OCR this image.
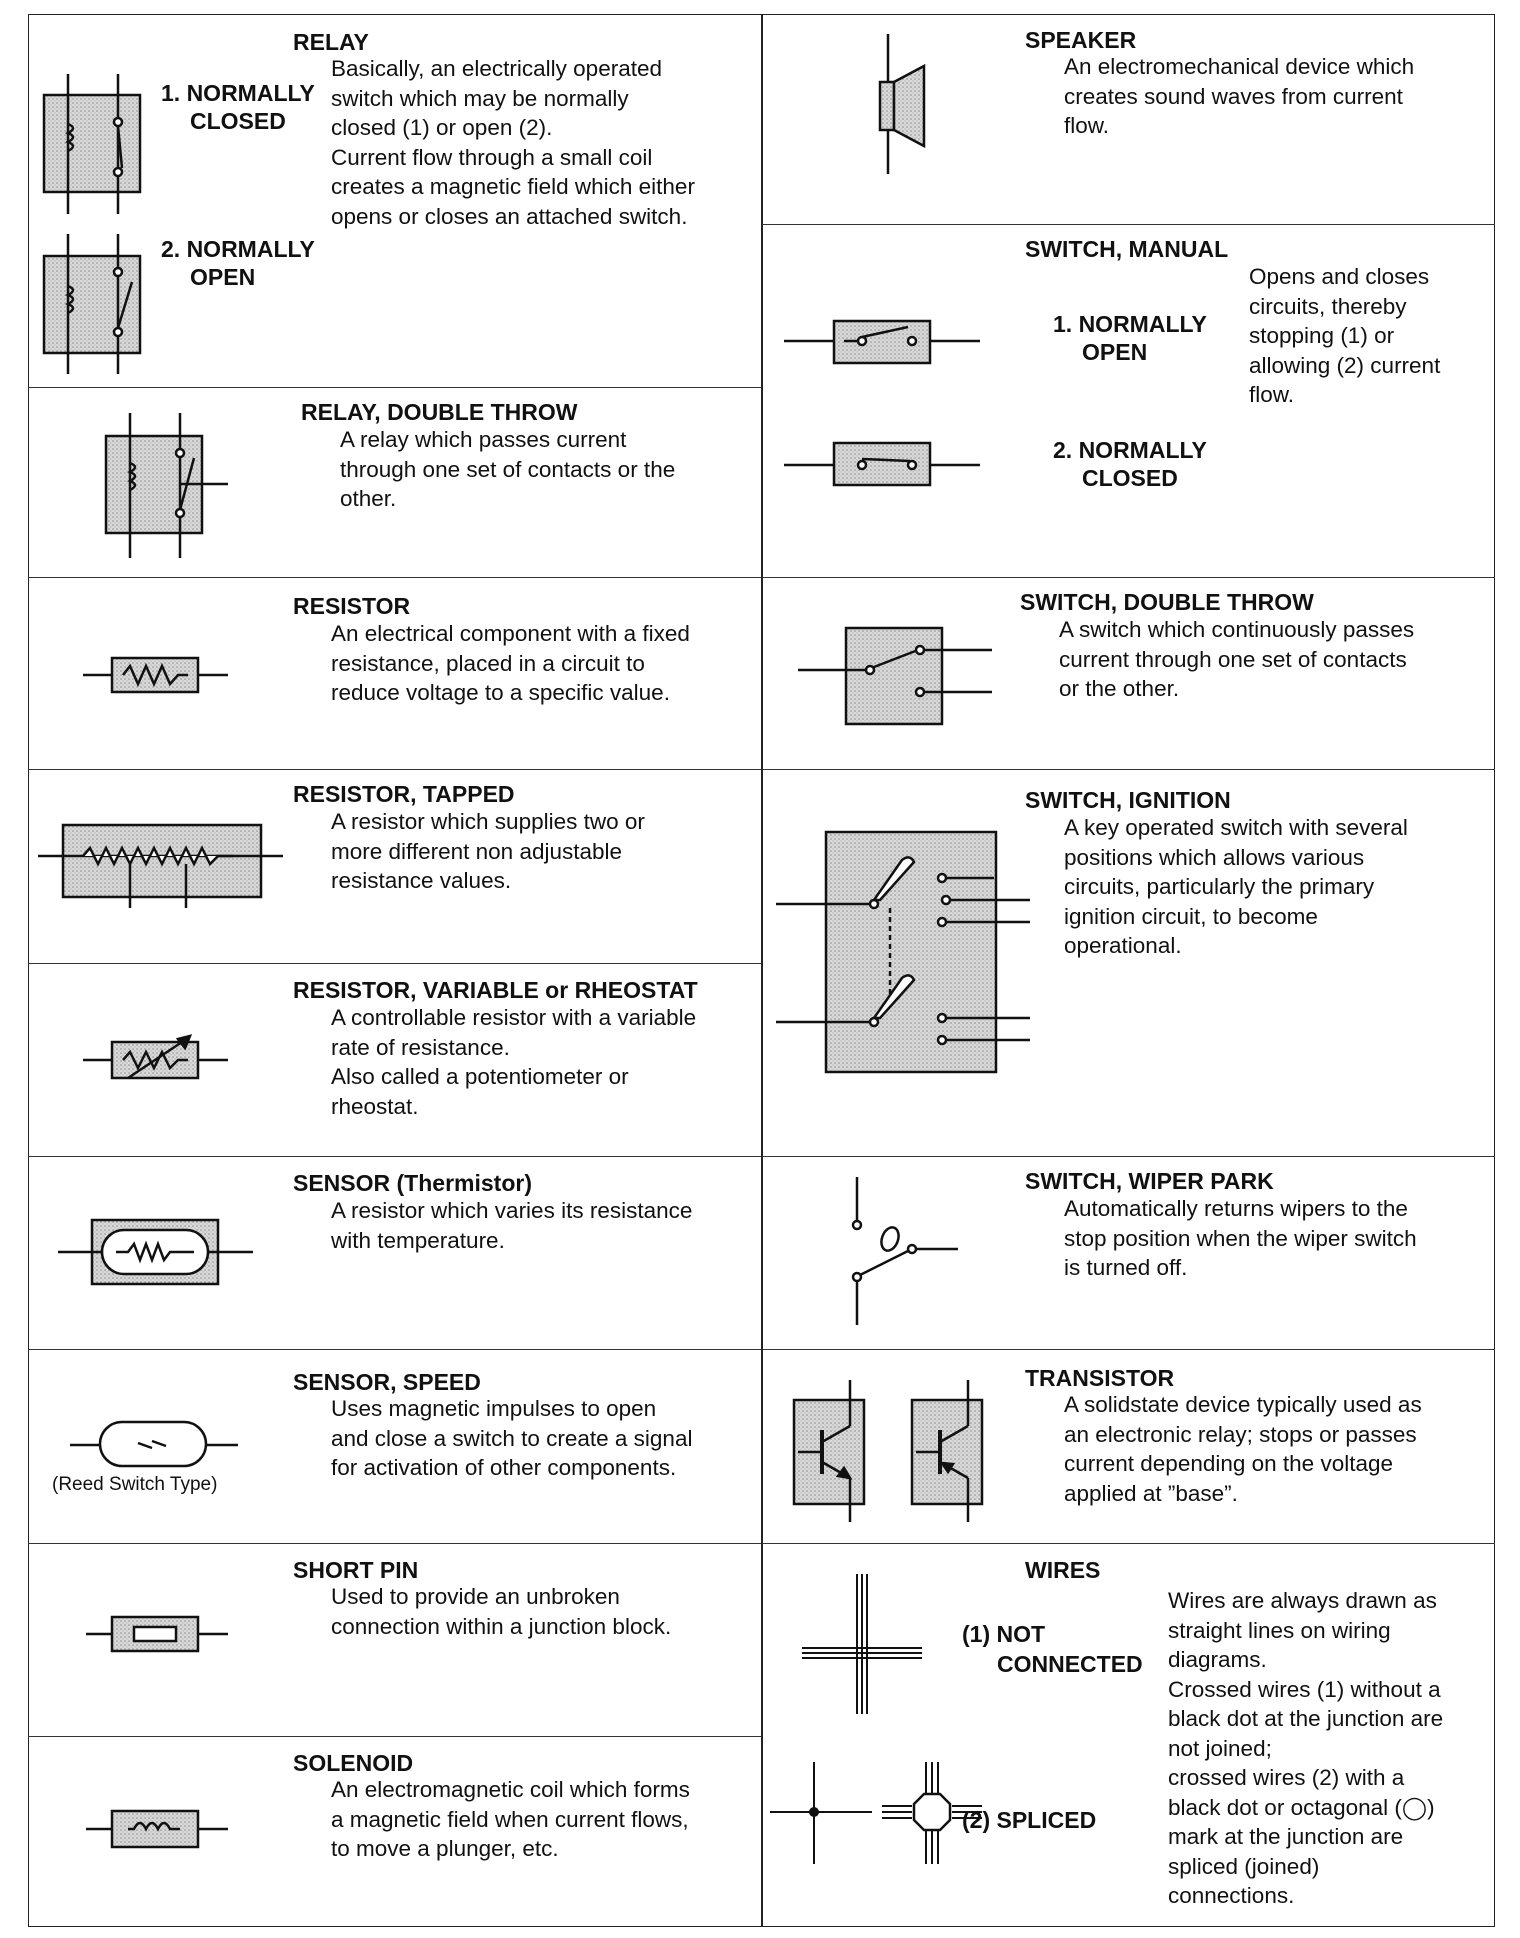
RELAY
Basically, an electrically operated
switch which may be normally
closed (1) or open (2).
Current flow through a small coil
creates a magnetic field which either
opens or closes an attached switch.
1. NORMALLY
CLOSED
2. NORMALLY
OPEN
RELAY, DOUBLE THROW
A relay which passes current
through one set of contacts or the
other.
RESISTOR
An electrical component with a fixed
resistance, placed in a circuit to
reduce voltage to a specific value.
RESISTOR, TAPPED
A resistor which supplies two or
more different non adjustable
resistance values.
RESISTOR, VARIABLE or RHEOSTAT
A controllable resistor with a variable
rate of resistance.
Also called a potentiometer or
rheostat.
SENSOR (Thermistor)
A resistor which varies its resistance
with temperature.
(Reed Switch Type)
SENSOR, SPEED
Uses magnetic impulses to open
and close a switch to create a signal
for activation of other components.
SHORT PIN
Used to provide an unbroken
connection within a junction block.
SOLENOID
An electromagnetic coil which forms
a magnetic field when current flows,
to move a plunger, etc.
SPEAKER
An electromechanical device which
creates sound waves from current
flow.
SWITCH, MANUAL
Opens and closes
circuits, thereby
stopping (1) or
allowing (2) current
flow.
1. NORMALLY
OPEN
2. NORMALLY
CLOSED
SWITCH, DOUBLE THROW
A switch which continuously passes
current through one set of contacts
or the other.
SWITCH, IGNITION
A key operated switch with several
positions which allows various
circuits, particularly the primary
ignition circuit, to become
operational.
SWITCH, WIPER PARK
Automatically returns wipers to the
stop position when the wiper switch
is turned off.
TRANSISTOR
A solidstate device typically used as
an electronic relay; stops or passes
current depending on the voltage
applied at ”base”.
WIRES
(1) NOT
CONNECTED
(2) SPLICED
Wires are always drawn as
straight lines on wiring
diagrams.
Crossed wires (1) without a
black dot at the junction are
not joined;
crossed wires (2) with a
black dot or octagonal (◯)
mark at the junction are
spliced (joined)
connections.
